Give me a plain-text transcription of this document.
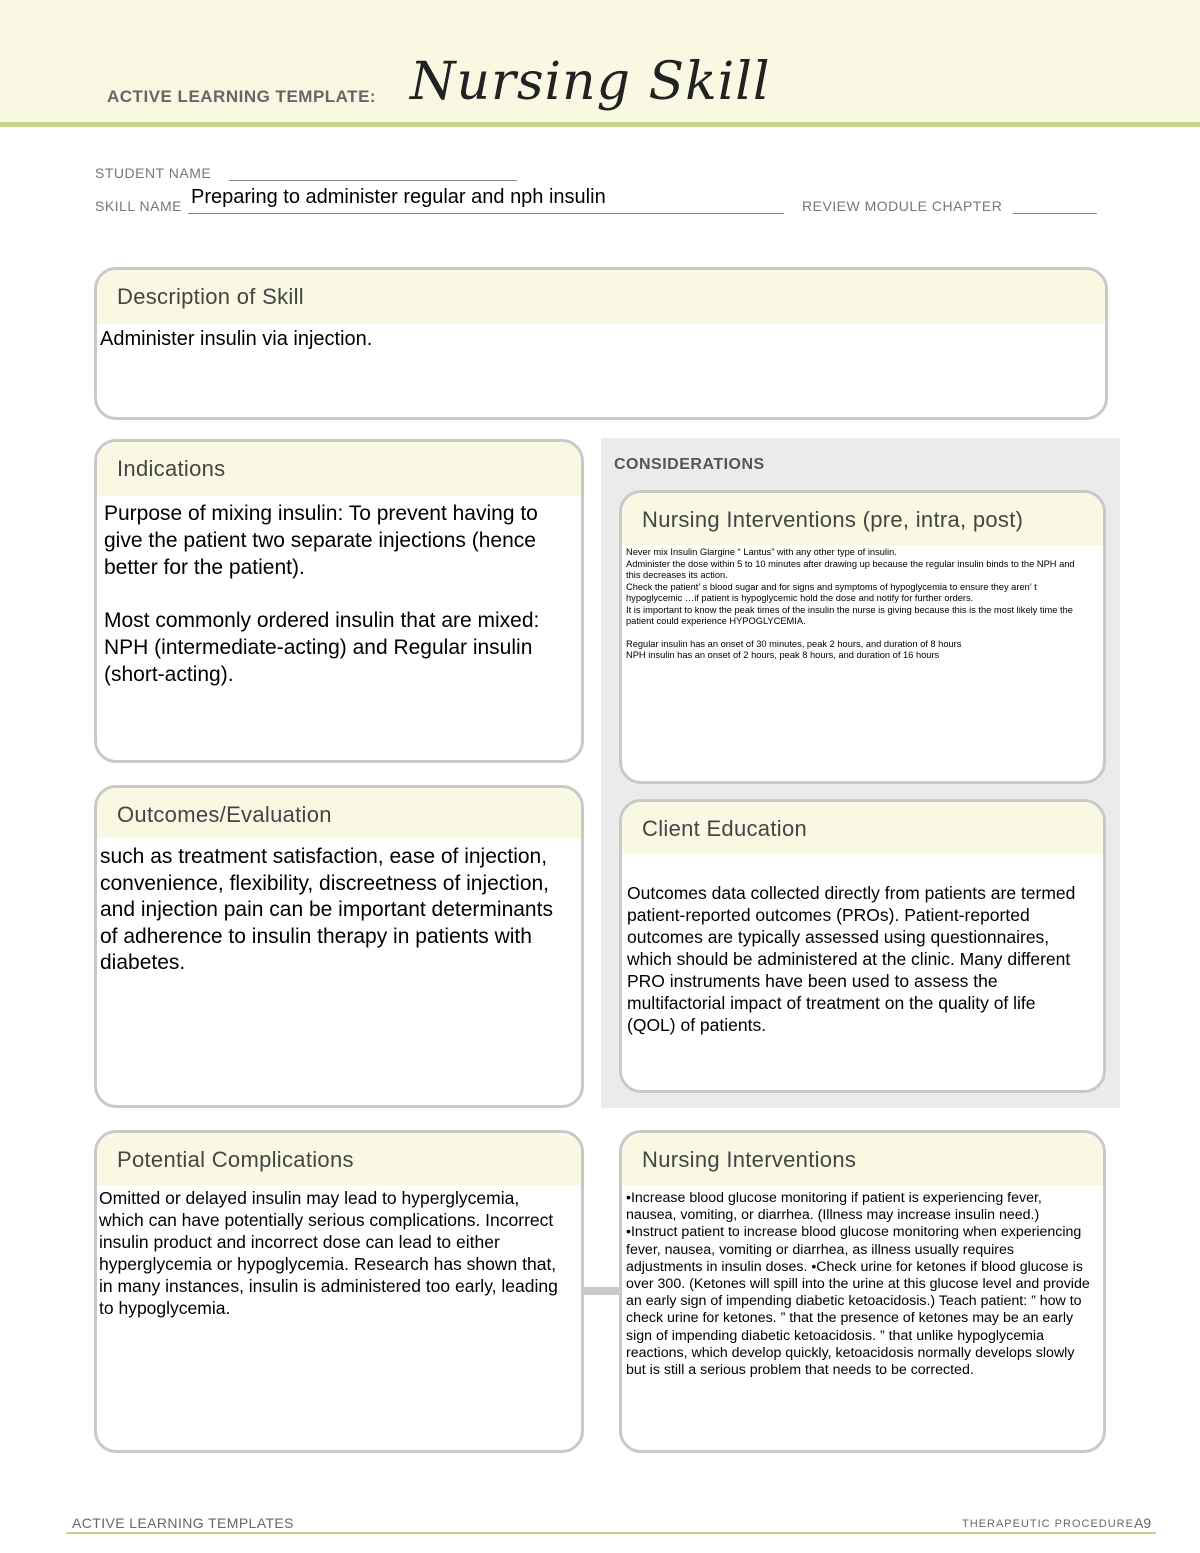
ACTIVE LEARNING TEMPLATE: Nursing Skill
STUDENT NAME
SKILL NAME Preparing to administer regular and nph insulin	REVIEW MODULE CHAPTER
Description of Skill
Administer insulin via injection.
Indications
Purpose of mixing insulin: To prevent having to give the patient two separate injections (hence better for the patient).
Most commonly ordered insulin that are mixed: NPH (intermediate-acting) and Regular insulin (short-acting).
CONSIDERATIONS
Nursing Interventions (pre, intra, post)

Never mix Insulin Glargine “ Lantus” with any other type of insulin.

Administer the dose within 5 to 10 minutes after drawing up because the regular insulin binds to the NPH and this decreases its action.

Check the patient’ s blood sugar and for signs and symptoms of hypoglycemia to ensure they aren’ t hypoglycemic …if patient is hypoglycemic hold the dose and notify for further orders.

It is important to know the peak times of the insulin the nurse is giving because this is the most likely time the patient could experience HYPOGLYCEMIA.

Regular insulin has an onset of 30 minutes, peak 2 hours, and duration of 8 hours

NPH insulin has an onset of 2 hours, peak 8 hours, and duration of 16 hours

Outcomes/Evaluation
such as treatment satisfaction, ease of injection, convenience, flexibility, discreetness of injection, and injection pain can be important determinants of adherence to insulin therapy in patients with diabetes.
Client Education
Outcomes data collected directly from patients are termed patient-reported outcomes (PROs). Patient-reported outcomes are typically assessed using questionnaires, which should be administered at the clinic. Many different PRO instruments have been used to assess the multifactorial impact of treatment on the quality of life (QOL) of patients.
Potential Complications
Omitted or delayed insulin may lead to hyperglycemia, which can have potentially serious complications. Incorrect insulin product and incorrect dose can lead to either hyperglycemia or hypoglycemia. Research has shown that, in many instances, insulin is administered too early, leading to hypoglycemia.
Nursing Interventions
•Increase blood glucose monitoring if patient is experiencing fever, nausea, vomiting, or diarrhea. (Illness may increase insulin need.) •Instruct patient to increase blood glucose monitoring when experiencing fever, nausea, vomiting or diarrhea, as illness usually requires adjustments in insulin doses. •Check urine for ketones if blood glucose is over 300. (Ketones will spill into the urine at this glucose level and provide an early sign of impending diabetic ketoacidosis.) Teach patient: ” how to check urine for ketones. ” that the presence of ketones may be an early sign of impending diabetic ketoacidosis. ” that unlike hypoglycemia reactions, which develop quickly, ketoacidosis normally develops slowly but is still a serious problem that needs to be corrected.
ACTIVE LEARNING TEMPLATES	THERAPEUTIC PROCEDURE A9
